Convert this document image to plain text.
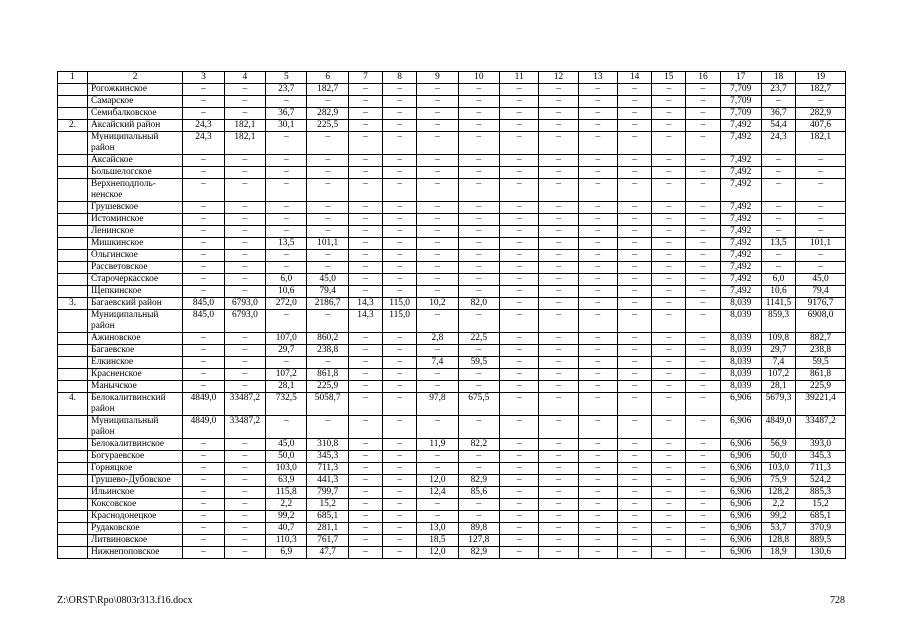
1	2	3	4	5	6	7	8	9	10	11	12	13	14	15	16	17	18	19
	Рогожкинское	–	–	23,7	182,7	–	–	–	–	–	–	–	–	–	–	7,709	23,7	182,7
	Самарское	–	–	–	–	–	–	–	–	–	–	–	–	–	–	7,709	–	–
	Семибалковское	–	–	36,7	282,9	–	–	–	–	–	–	–	–	–	–	7,709	36,7	282,9
2.	Аксайский район	24,3	182,1	30,1	225,5	–	–	–	–	–	–	–	–	–	–	7,492	54,4	407,6
	Муниципальный район	24,3	182,1	–	–	–	–	–	–	–	–	–	–	–	–	7,492	24,3	182,1
	Аксайское	–	–	–	–	–	–	–	–	–	–	–	–	–	–	7,492	–	–
	Большелогское	–	–	–	–	–	–	–	–	–	–	–	–	–	–	7,492	–	–
	Верхнеподполь-ненское	–	–	–	–	–	–	–	–	–	–	–	–	–	–	7,492	–	–
	Грушевское	–	–	–	–	–	–	–	–	–	–	–	–	–	–	7,492	–	–
	Истоминское	–	–	–	–	–	–	–	–	–	–	–	–	–	–	7,492	–	–
	Ленинское	–	–	–	–	–	–	–	–	–	–	–	–	–	–	7,492	–	–
	Мишкинское	–	–	13,5	101,1	–	–	–	–	–	–	–	–	–	–	7,492	13,5	101,1
	Ольгинское	–	–	–	–	–	–	–	–	–	–	–	–	–	–	7,492	–	–
	Рассветовское	–	–	–	–	–	–	–	–	–	–	–	–	–	–	7,492	–	–
	Старочеркасское	–	–	6,0	45,0	–	–	–	–	–	–	–	–	–	–	7,492	6,0	45,0
	Щепкинское	–	–	10,6	79,4	–	–	–	–	–	–	–	–	–	–	7,492	10,6	79,4
3.	Багаевский район	845,0	6793,0	272,0	2186,7	14,3	115,0	10,2	82,0	–	–	–	–	–	–	8,039	1141,5	9176,7
	Муниципальный район	845,0	6793,0	–	–	14,3	115,0	–	–	–	–	–	–	–	–	8,039	859,3	6908,0
	Ажиновское	–	–	107,0	860,2	–	–	2,8	22,5	–	–	–	–	–	–	8,039	109,8	882,7
	Багаевское	–	–	29,7	238,8	–	–	–	–	–	–	–	–	–	–	8,039	29,7	238,8
	Елкинское	–	–	–	–	–	–	7,4	59,5	–	–	–	–	–	–	8,039	7,4	59,5
	Красненское	–	–	107,2	861,8	–	–	–	–	–	–	–	–	–	–	8,039	107,2	861,8
	Манычское	–	–	28,1	225,9	–	–	–	–	–	–	–	–	–	–	8,039	28,1	225,9
4.	Белокалитвинский район	4849,0	33487,2	732,5	5058,7	–	–	97,8	675,5	–	–	–	–	–	–	6,906	5679,3	39221,4
	Муниципальный район	4849,0	33487,2	–	–	–	–	–	–	–	–	–	–	–	–	6,906	4849,0	33487,2
	Белокалитвинское	–	–	45,0	310,8	–	–	11,9	82,2	–	–	–	–	–	–	6,906	56,9	393,0
	Богураевское	–	–	50,0	345,3	–	–	–	–	–	–	–	–	–	–	6,906	50,0	345,3
	Горняцкое	–	–	103,0	711,3	–	–	–	–	–	–	–	–	–	–	6,906	103,0	711,3
	Грушево-Дубовское	–	–	63,9	441,3	–	–	12,0	82,9	–	–	–	–	–	–	6,906	75,9	524,2
	Ильинское	–	–	115,8	799,7	–	–	12,4	85,6	–	–	–	–	–	–	6,906	128,2	885,3
	Коксовское	–	–	2,2	15,2	–	–	–	–	–	–	–	–	–	–	6,906	2,2	15,2
	Краснодонецкое	–	–	99,2	685,1	–	–	–	–	–	–	–	–	–	–	6,906	99,2	685,1
	Рудаковское	–	–	40,7	281,1	–	–	13,0	89,8	–	–	–	–	–	–	6,906	53,7	370,9
	Литвиновское	–	–	110,3	761,7	–	–	18,5	127,8	–	–	–	–	–	–	6,906	128,8	889,5
	Нижнепоповское	–	–	6,9	47,7	–	–	12,0	82,9	–	–	–	–	–	–	6,906	18,9	130,6
Z:\ORST\Rpo\0803r313.f16.docx	728
